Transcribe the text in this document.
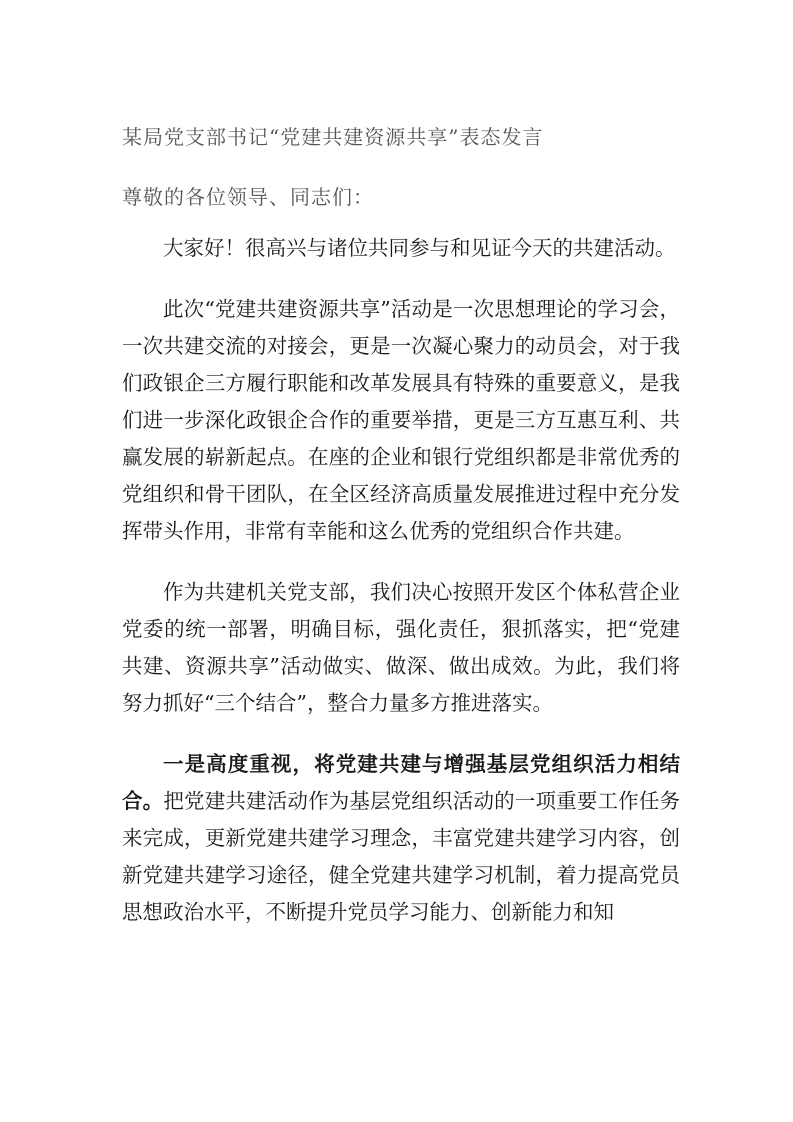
某局党支部书记“党建共建资源共享”表态发言
尊敬的各位领导、同志们：

大家好！很高兴与诸位共同参与和见证今天的共建活动。

此次“党建共建资源共享”活动是一次思想理论的学习会，一次共建交流的对接会，更是一次凝心聚力的动员会，对于我们政银企三方履行职能和改革发展具有特殊的重要意义，是我们进一步深化政银企合作的重要举措，更是三方互惠互利、共赢发展的崭新起点。在座的企业和银行党组织都是非常优秀的党组织和骨干团队，在全区经济高质量发展推进过程中充分发挥带头作用，非常有幸能和这么优秀的党组织合作共建。

作为共建机关党支部，我们决心按照开发区个体私营企业党委的统一部署，明确目标，强化责任，狠抓落实，把“党建共建、资源共享”活动做实、做深、做出成效。为此，我们将努力抓好“三个结合”，整合力量多方推进落实。

一是高度重视，将党建共建与增强基层党组织活力相结合。把党建共建活动作为基层党组织活动的一项重要工作任务来完成，更新党建共建学习理念，丰富党建共建学习内容，创新党建共建学习途径，健全党建共建学习机制，着力提高党员思想政治水平，不断提升党员学习能力、创新能力和知
